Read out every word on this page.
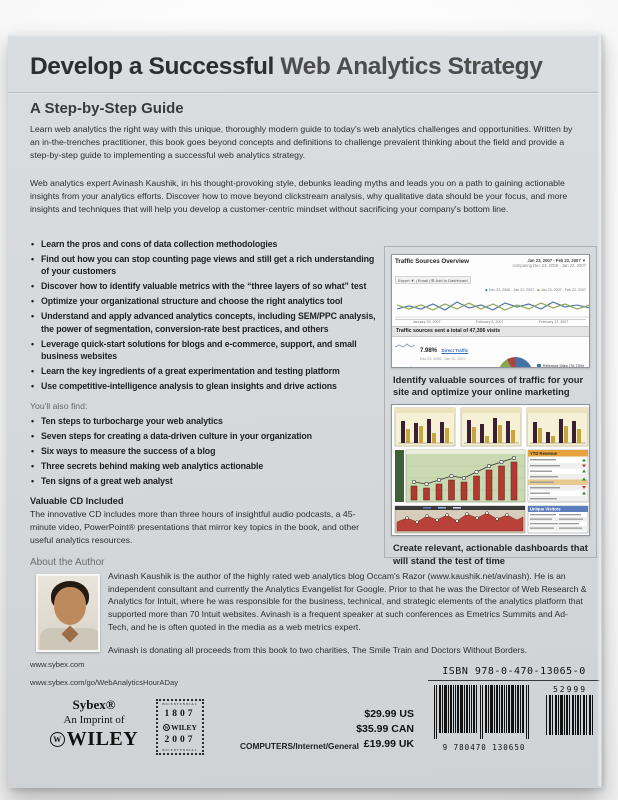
Develop a Successful Web Analytics Strategy
A Step-by-Step Guide

Learn web analytics the right way with this unique, thoroughly modern guide to today's web analytics challenges and opportunities. Written by an in-the-trenches practitioner, this book goes beyond concepts and definitions to challenge prevalent thinking about the field and provide a step-by-step guide to implementing a successful web analytics strategy.

Web analytics expert Avinash Kaushik, in his thought-provoking style, debunks leading myths and leads you on a path to gaining actionable insights from your analytics efforts. Discover how to move beyond clickstream analysis, why qualitative data should be your focus, and more insights and techniques that will help you develop a customer-centric mindset without sacrificing your company's bottom line.

• Learn the pros and cons of data collection methodologies
• Find out how you can stop counting page views and still get a rich understanding of your customers
• Discover how to identify valuable metrics with the “three layers of so what” test
• Optimize your organizational structure and choose the right analytics tool
• Understand and apply advanced analytics concepts, including SEM/PPC analysis, the power of segmentation, conversion-rate best practices, and others
• Leverage quick-start solutions for blogs and e-commerce, support, and small business websites
• Learn the key ingredients of a great experimentation and testing platform
• Use competitive-intelligence analysis to glean insights and drive actions
You'll also find:
• Ten steps to turbocharge your web analytics
• Seven steps for creating a data-driven culture in your organization
• Six ways to measure the success of a blog
• Three secrets behind making web analytics actionable
• Ten signs of a great web analyst
Valuable CD Included

The innovative CD includes more than three hours of insightful audio podcasts, a 45-minute video, PowerPoint® presentations that mirror key topics in the book, and other useful analytics resources.

Traffic Sources Overview	Jan 23, 2007 - Feb 22, 2007 ▼
comparing Dec 23, 2006 - Jan 22, 2007
Export ▼ | Email | ⊞ Add to Dashboard
◆ Dec 23, 2006 - Jan 22, 2007 ◆ Jan 23, 2007 - Feb 22, 2007
January 29, 2007	February 5, 2007	February 12, 2007
Traffic sources sent a total of 47,306 visits
7.98% Direct Traffic
Dec 23, 2006 - Jan 22, 2007
Referring Sites (76.73%)

Identify valuable sources of traffic for your site and optimize your online marketing

YTD Revenue
Unique Visitors

Create relevant, actionable dashboards that will stand the test of time

About the Author

Avinash Kaushik is the author of the highly rated web analytics blog Occam's Razor (www.kaushik.net/avinash). He is an independent consultant and currently the Analytics Evangelist for Google. Prior to that he was the Director of Web Research & Analytics for Intuit, where he was responsible for the business, technical, and strategic elements of the analytics platform that supported more than 70 Intuit websites. Avinash is a frequent speaker at such conferences as Emetrics Summits and Ad-Tech, and he is often quoted in the media as a web metrics expert.

Avinash is donating all proceeds from this book to two charities, The Smile Train and Doctors Without Borders.

www.sybex.com
www.sybex.com/go/WebAnalyticsHourADay
ISBN 978-0-470-13065-0
9 780470 130650
52999
Sybex®
An Imprint of
W WILEY
BICENTENNIAL
1807
W WILEY
2007
BICENTENNIAL	COMPUTERS/Internet/General
$29.99 US
$35.99 CAN
£19.99 UK
